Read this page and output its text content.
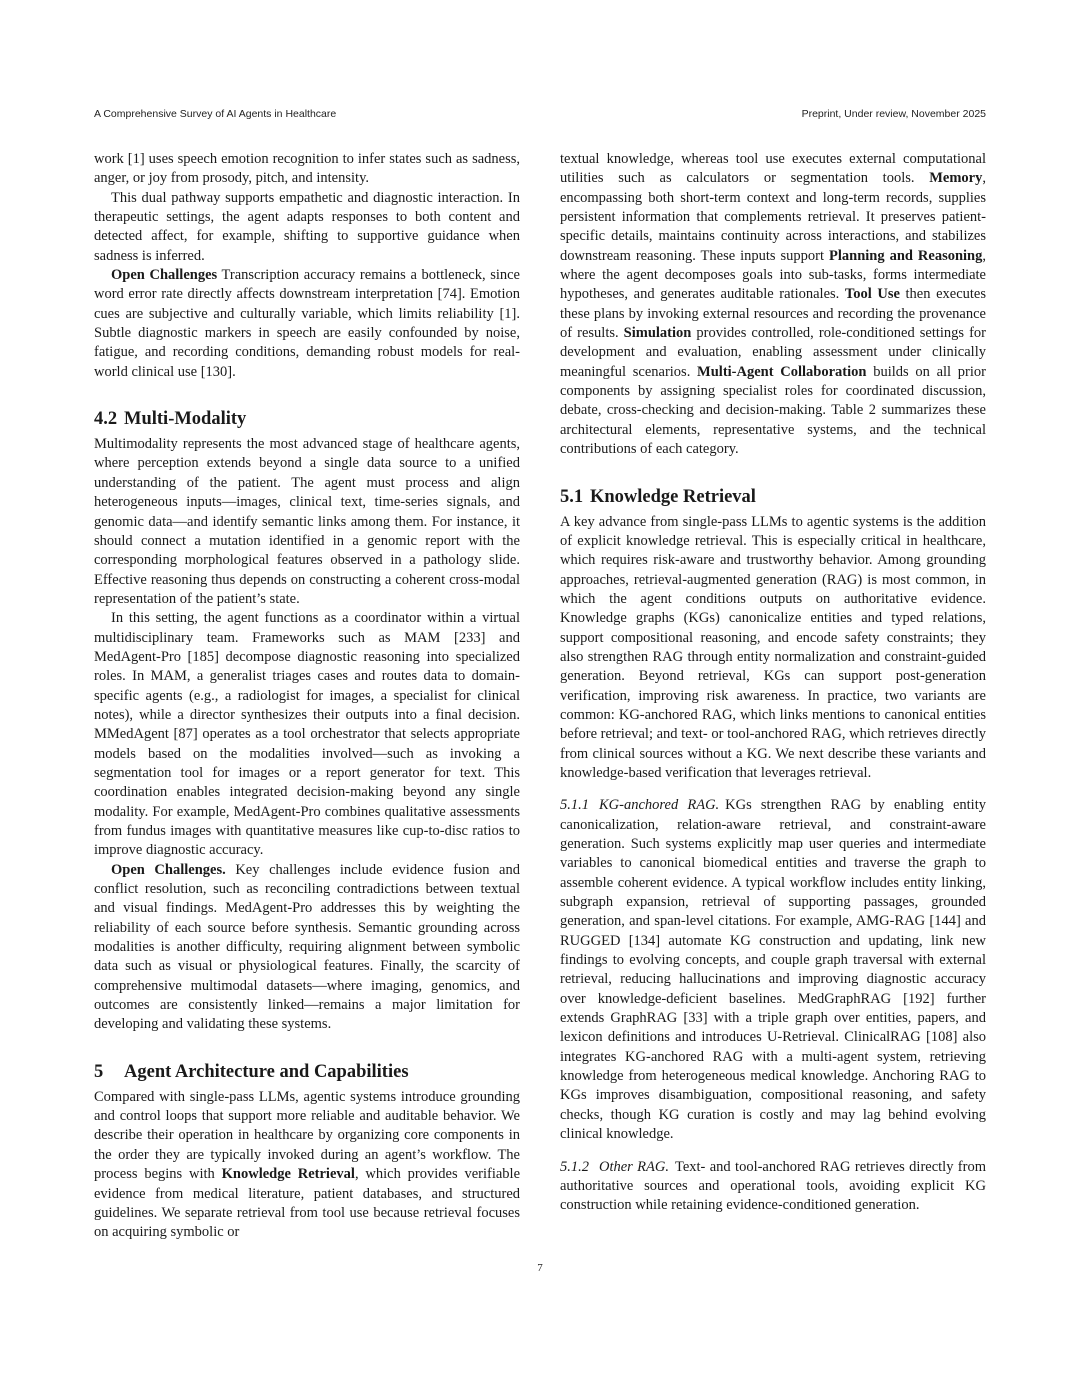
A Comprehensive Survey of AI Agents in Healthcare	Preprint, Under review, November 2025

work [1] uses speech emotion recognition to infer states such as sadness, anger, or joy from prosody, pitch, and intensity.

This dual pathway supports empathetic and diagnostic interaction. In therapeutic settings, the agent adapts responses to both content and detected affect, for example, shifting to supportive guidance when sadness is inferred.

Open Challenges Transcription accuracy remains a bottleneck, since word error rate directly affects downstream interpretation [74]. Emotion cues are subjective and culturally variable, which limits reliability [1]. Subtle diagnostic markers in speech are easily confounded by noise, fatigue, and recording conditions, demanding robust models for real-world clinical use [130].

4.2 Multi-Modality

Multimodality represents the most advanced stage of healthcare agents, where perception extends beyond a single data source to a unified understanding of the patient. The agent must process and align heterogeneous inputs—images, clinical text, time-series signals, and genomic data—and identify semantic links among them. For instance, it should connect a mutation identified in a genomic report with the corresponding morphological features observed in a pathology slide. Effective reasoning thus depends on constructing a coherent cross-modal representation of the patient’s state.

In this setting, the agent functions as a coordinator within a virtual multidisciplinary team. Frameworks such as MAM [233] and MedAgent-Pro [185] decompose diagnostic reasoning into specialized roles. In MAM, a generalist triages cases and routes data to domain-specific agents (e.g., a radiologist for images, a specialist for clinical notes), while a director synthesizes their outputs into a final decision. MMedAgent [87] operates as a tool orchestrator that selects appropriate models based on the modalities involved—such as invoking a segmentation tool for images or a report generator for text. This coordination enables integrated decision-making beyond any single modality. For example, MedAgent-Pro combines qualitative assessments from fundus images with quantitative measures like cup-to-disc ratios to improve diagnostic accuracy.

Open Challenges. Key challenges include evidence fusion and conflict resolution, such as reconciling contradictions between textual and visual findings. MedAgent-Pro addresses this by weighting the reliability of each source before synthesis. Semantic grounding across modalities is another difficulty, requiring alignment between symbolic data such as visual or physiological features. Finally, the scarcity of comprehensive multimodal datasets—where imaging, genomics, and outcomes are consistently linked—remains a major limitation for developing and validating these systems.

5 Agent Architecture and Capabilities

Compared with single-pass LLMs, agentic systems introduce grounding and control loops that support more reliable and auditable behavior. We describe their operation in healthcare by organizing core components in the order they are typically invoked during an agent’s workflow. The process begins with Knowledge Retrieval, which provides verifiable evidence from medical literature, patient databases, and structured guidelines. We separate retrieval from tool use because retrieval focuses on acquiring symbolic or

textual knowledge, whereas tool use executes external computational utilities such as calculators or segmentation tools. Memory, encompassing both short-term context and long-term records, supplies persistent information that complements retrieval. It preserves patient-specific details, maintains continuity across interactions, and stabilizes downstream reasoning. These inputs support Planning and Reasoning, where the agent decomposes goals into sub-tasks, forms intermediate hypotheses, and generates auditable rationales. Tool Use then executes these plans by invoking external resources and recording the provenance of results. Simulation provides controlled, role-conditioned settings for development and evaluation, enabling assessment under clinically meaningful scenarios. Multi-Agent Collaboration builds on all prior components by assigning specialist roles for coordinated discussion, debate, cross-checking and decision-making. Table 2 summarizes these architectural elements, representative systems, and the technical contributions of each category.

5.1 Knowledge Retrieval

A key advance from single-pass LLMs to agentic systems is the addition of explicit knowledge retrieval. This is especially critical in healthcare, which requires risk-aware and trustworthy behavior. Among grounding approaches, retrieval-augmented generation (RAG) is most common, in which the agent conditions outputs on authoritative evidence. Knowledge graphs (KGs) canonicalize entities and typed relations, support compositional reasoning, and encode safety constraints; they also strengthen RAG through entity normalization and constraint-guided generation. Beyond retrieval, KGs can support post-generation verification, improving risk awareness. In practice, two variants are common: KG-anchored RAG, which links mentions to canonical entities before retrieval; and text- or tool-anchored RAG, which retrieves directly from clinical sources without a KG. We next describe these variants and knowledge-based verification that leverages retrieval.

5.1.1 KG-anchored RAG. KGs strengthen RAG by enabling entity canonicalization, relation-aware retrieval, and constraint-aware generation. Such systems explicitly map user queries and intermediate variables to canonical biomedical entities and traverse the graph to assemble coherent evidence. A typical workflow includes entity linking, subgraph expansion, retrieval of supporting passages, grounded generation, and span-level citations. For example, AMG-RAG [144] and RUGGED [134] automate KG construction and updating, link new findings to evolving concepts, and couple graph traversal with external retrieval, reducing hallucinations and improving diagnostic accuracy over knowledge-deficient baselines. MedGraphRAG [192] further extends GraphRAG [33] with a triple graph over entities, papers, and lexicon definitions and introduces U-Retrieval. ClinicalRAG [108] also integrates KG-anchored RAG with a multi-agent system, retrieving knowledge from heterogeneous medical knowledge. Anchoring RAG to KGs improves disambiguation, compositional reasoning, and safety checks, though KG curation is costly and may lag behind evolving clinical knowledge.

5.1.2 Other RAG. Text- and tool-anchored RAG retrieves directly from authoritative sources and operational tools, avoiding explicit KG construction while retaining evidence-conditioned generation.

7
